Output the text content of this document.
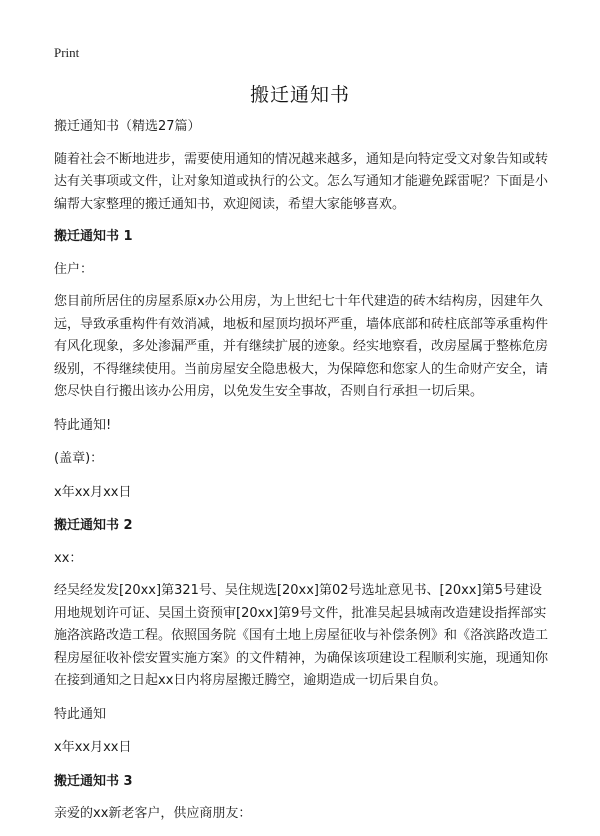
Print
搬迁通知书

搬迁通知书（精选27篇）

随着社会不断地进步，需要使用通知的情况越来越多，通知是向特定受文对象告知或转达有关事项或文件，让对象知道或执行的公文。怎么写通知才能避免踩雷呢？下面是小编帮大家整理的搬迁通知书，欢迎阅读，希望大家能够喜欢。

搬迁通知书 1

住户：

您目前所居住的房屋系原x办公用房，为上世纪七十年代建造的砖木结构房，因建年久远，导致承重构件有效消减，地板和屋顶均损坏严重，墙体底部和砖柱底部等承重构件有风化现象，多处渗漏严重，并有继续扩展的迹象。经实地察看，改房屋属于整栋危房级别，不得继续使用。当前房屋安全隐患极大，为保障您和您家人的生命财产安全，请您尽快自行搬出该办公用房，以免发生安全事故，否则自行承担一切后果。

特此通知!

(盖章)：

x年xx月xx日

搬迁通知书 2

xx：

经吴经发发[20xx]第321号、吴住规选[20xx]第02号选址意见书、[20xx]第5号建设用地规划许可证、吴国土资预审[20xx]第9号文件，批准吴起县城南改造建设指挥部实施洛滨路改造工程。依照国务院《国有土地上房屋征收与补偿条例》和《洛滨路改造工程房屋征收补偿安置实施方案》的文件精神，为确保该项建设工程顺利实施，现通知你在接到通知之日起xx日内将房屋搬迁腾空，逾期造成一切后果自负。

特此通知

x年xx月xx日

搬迁通知书 3

亲爱的xx新老客户，供应商朋友：
